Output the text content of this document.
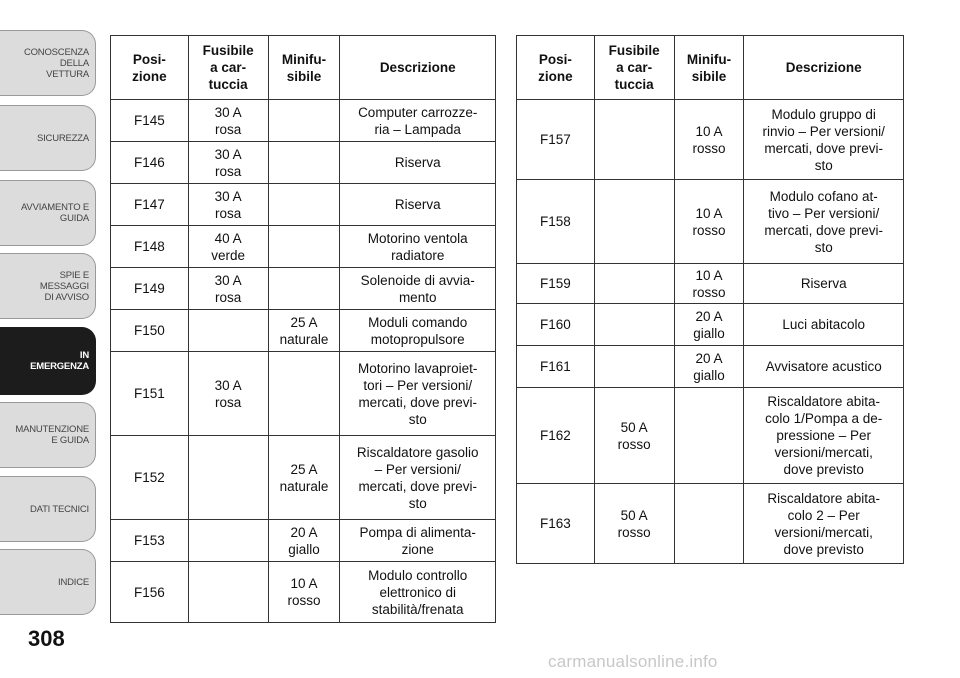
CONOSCENZA DELLA
VETTURA
SICUREZZA
AVVIAMENTO E
GUIDA
SPIE E
MESSAGGI
DI AVVISO
IN
EMERGENZA
MANUTENZIONE
E GUIDA
DATI TECNICI
INDICE
308
Posi-
zione	Fusibile
a car-
tuccia	Minifu-
sibile	Descrizione
F145	30 A
rosa		Computer carrozze-
ria – Lampada
F146	30 A
rosa		Riserva
F147	30 A
rosa		Riserva
F148	40 A
verde		Motorino ventola
radiatore
F149	30 A
rosa		Solenoide di avvia-
mento
F150		25 A
naturale	Moduli comando
motopropulsore
F151	30 A
rosa		Motorino lavaproiet-
tori – Per versioni/
mercati, dove previ-
sto
F152		25 A
naturale	Riscaldatore gasolio
– Per versioni/
mercati, dove previ-
sto
F153		20 A
giallo	Pompa di alimenta-
zione
F156		10 A
rosso	Modulo controllo
elettronico di
stabilità/frenata
Posi-
zione	Fusibile
a car-
tuccia	Minifu-
sibile	Descrizione
F157		10 A
rosso	Modulo gruppo di
rinvio – Per versioni/
mercati, dove previ-
sto
F158		10 A
rosso	Modulo cofano at-
tivo – Per versioni/
mercati, dove previ-
sto
F159		10 A
rosso	Riserva
F160		20 A
giallo	Luci abitacolo
F161		20 A
giallo	Avvisatore acustico
F162	50 A
rosso		Riscaldatore abita-
colo 1/Pompa a de-
pressione – Per
versioni/mercati,
dove previsto
F163	50 A
rosso		Riscaldatore abita-
colo 2 – Per
versioni/mercati,
dove previsto
carmanualsonline.info
